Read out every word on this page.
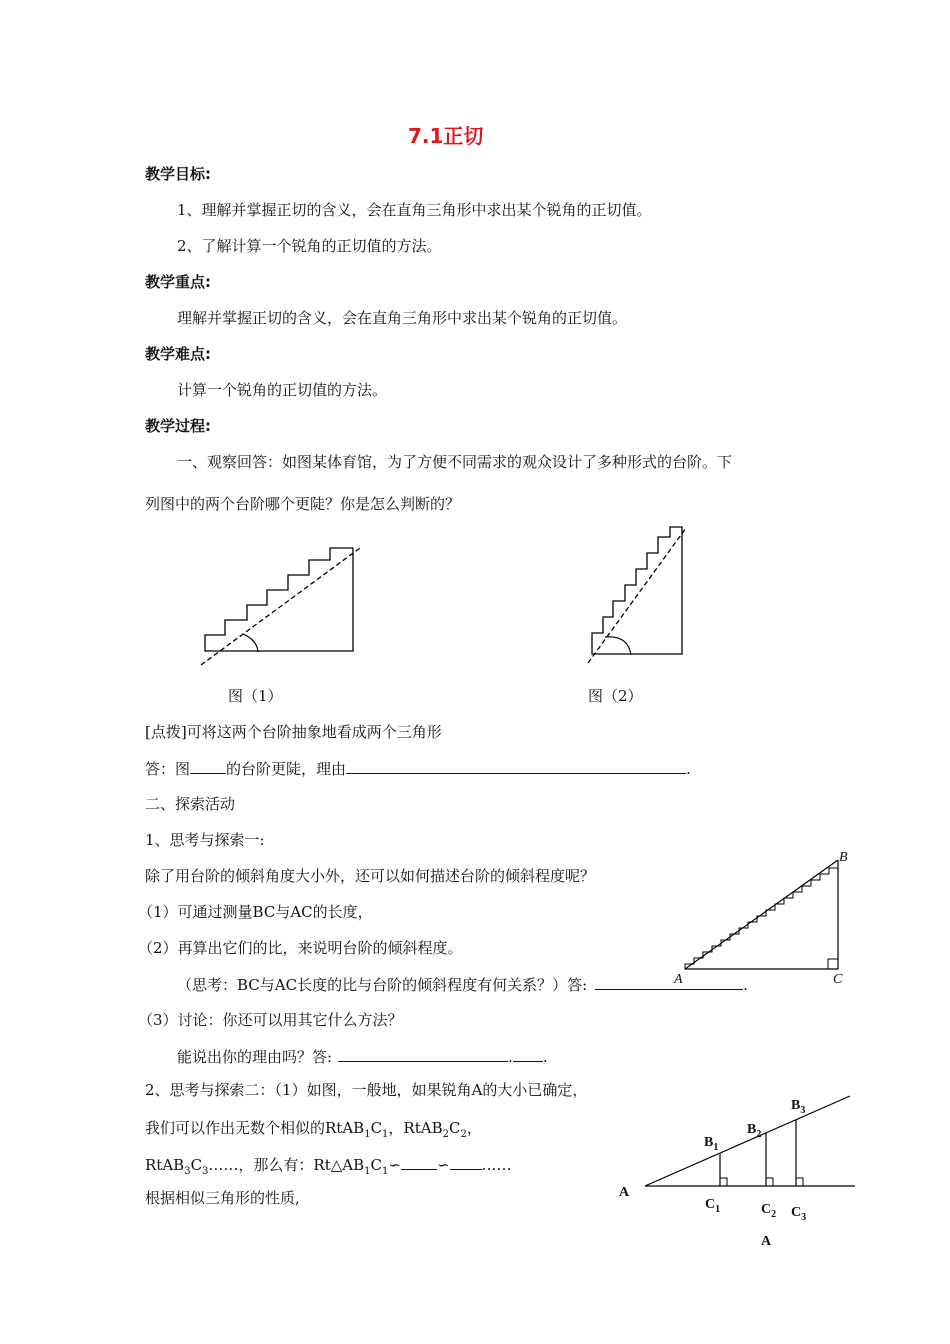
7.1正切
教学目标:
1、理解并掌握正切的含义，会在直角三角形中求出某个锐角的正切值。
2、了解计算一个锐角的正切值的方法。
教学重点:
理解并掌握正切的含义，会在直角三角形中求出某个锐角的正切值。
教学难点:
计算一个锐角的正切值的方法。
教学过程:
一、观察回答：如图某体育馆，为了方便不同需求的观众设计了多种形式的台阶。下
列图中的两个台阶哪个更陡？你是怎么判断的？
图（1）	图（2）
[点拨]可将这两个台阶抽象地看成两个三角形
答：图 的台阶更陡，理由	.
二、探索活动
1、思考与探索一:
除了用台阶的倾斜角度大小外，还可以如何描述台阶的倾斜程度呢？
（1）可通过测量BC与AC的长度，
（2）再算出它们的比，来说明台阶的倾斜程度。
（思考：BC与AC长度的比与台阶的倾斜程度有何关系？）答:	.
（3）讨论：你还可以用其它什么方法？
能说出你的理由吗？答:	. .
B
A	C
2、思考与探索二：（1）如图，一般地，如果锐角A的大小已确定，
我们可以作出无数个相似的$RtAB_1C_1$，$RtAB_2C_2$，
$RtAB_3C_3\dots\dots$，那么有：$Rt\triangle AB_1C_1∽$ ∽ ……
根据相似三角形的性质,	A
$B_1$
$B_2$
$B_3$
$C_1$	$C_2$ $C_3$
A
